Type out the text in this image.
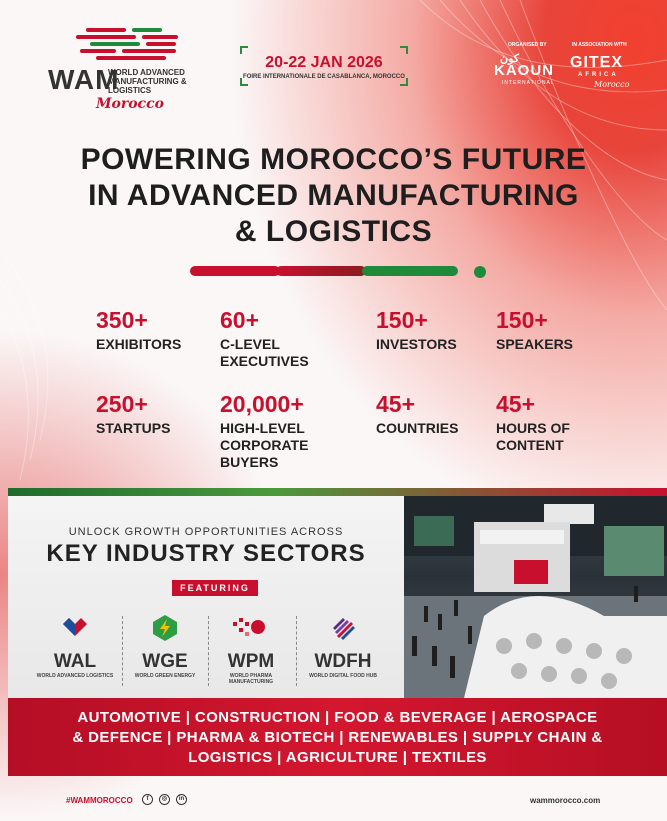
WAM
WORLD ADVANCED MANUFACTURING & LOGISTICS
Morocco
20-22 JAN 2026
FOIRE INTERNATIONALE DE CASABLANCA, MOROCCO
ORGANISED BY	IN ASSOCIATION WITH
كون
KAOUN
INTERNATIONAL
GITEX
AFRICA
Morocco
POWERING MOROCCO’S FUTURE
IN ADVANCED MANUFACTURING
& LOGISTICS
350+
EXHIBITORS
60+
C-LEVEL EXECUTIVES
150+
INVESTORS
150+
SPEAKERS
250+
STARTUPS
20,000+
HIGH-LEVEL CORPORATE BUYERS
45+
COUNTRIES
45+
HOURS OF CONTENT
UNLOCK GROWTH OPPORTUNITIES ACROSS
KEY INDUSTRY SECTORS
FEATURING
WAL
WORLD ADVANCED LOGISTICS
WGE
WORLD GREEN ENERGY
WPM
WORLD PHARMA MANUFACTURING
WDFH
WORLD DIGITAL FOOD HUB
AUTOMOTIVE | CONSTRUCTION | FOOD & BEVERAGE | AEROSPACE
& DEFENCE | PHARMA & BIOTECH | RENEWABLES | SUPPLY CHAIN &
LOGISTICS | AGRICULTURE | TEXTILES
#WAMMOROCCO	f	◎	in	wammorocco.com
